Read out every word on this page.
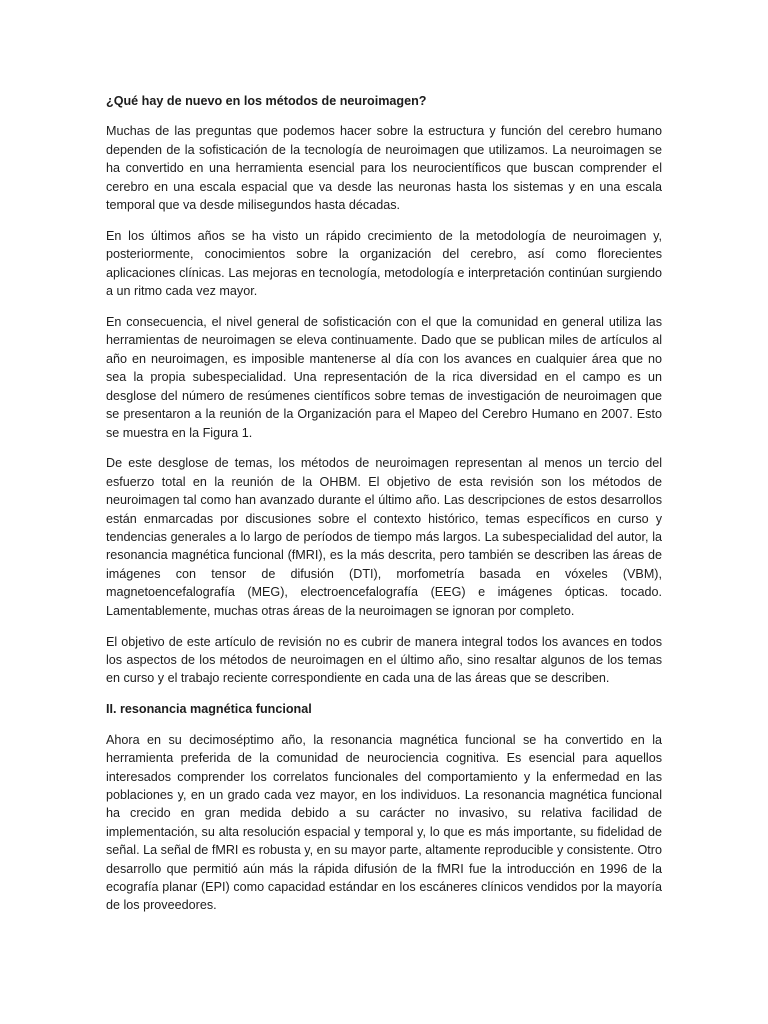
¿Qué hay de nuevo en los métodos de neuroimagen?

Muchas de las preguntas que podemos hacer sobre la estructura y función del cerebro humano dependen de la sofisticación de la tecnología de neuroimagen que utilizamos. La neuroimagen se ha convertido en una herramienta esencial para los neurocientíficos que buscan comprender el cerebro en una escala espacial que va desde las neuronas hasta los sistemas y en una escala temporal que va desde milisegundos hasta décadas.

En los últimos años se ha visto un rápido crecimiento de la metodología de neuroimagen y, posteriormente, conocimientos sobre la organización del cerebro, así como florecientes aplicaciones clínicas. Las mejoras en tecnología, metodología e interpretación continúan surgiendo a un ritmo cada vez mayor.

En consecuencia, el nivel general de sofisticación con el que la comunidad en general utiliza las herramientas de neuroimagen se eleva continuamente. Dado que se publican miles de artículos al año en neuroimagen, es imposible mantenerse al día con los avances en cualquier área que no sea la propia subespecialidad. Una representación de la rica diversidad en el campo es un desglose del número de resúmenes científicos sobre temas de investigación de neuroimagen que se presentaron a la reunión de la Organización para el Mapeo del Cerebro Humano en 2007. Esto se muestra en la Figura 1.

De este desglose de temas, los métodos de neuroimagen representan al menos un tercio del esfuerzo total en la reunión de la OHBM. El objetivo de esta revisión son los métodos de neuroimagen tal como han avanzado durante el último año. Las descripciones de estos desarrollos están enmarcadas por discusiones sobre el contexto histórico, temas específicos en curso y tendencias generales a lo largo de períodos de tiempo más largos. La subespecialidad del autor, la resonancia magnética funcional (fMRI), es la más descrita, pero también se describen las áreas de imágenes con tensor de difusión (DTI), morfometría basada en vóxeles (VBM), magnetoencefalografía (MEG), electroencefalografía (EEG) e imágenes ópticas. tocado. Lamentablemente, muchas otras áreas de la neuroimagen se ignoran por completo.

El objetivo de este artículo de revisión no es cubrir de manera integral todos los avances en todos los aspectos de los métodos de neuroimagen en el último año, sino resaltar algunos de los temas en curso y el trabajo reciente correspondiente en cada una de las áreas que se describen.

II. resonancia magnética funcional

Ahora en su decimoséptimo año, la resonancia magnética funcional se ha convertido en la herramienta preferida de la comunidad de neurociencia cognitiva. Es esencial para aquellos interesados comprender los correlatos funcionales del comportamiento y la enfermedad en las poblaciones y, en un grado cada vez mayor, en los individuos. La resonancia magnética funcional ha crecido en gran medida debido a su carácter no invasivo, su relativa facilidad de implementación, su alta resolución espacial y temporal y, lo que es más importante, su fidelidad de señal. La señal de fMRI es robusta y, en su mayor parte, altamente reproducible y consistente. Otro desarrollo que permitió aún más la rápida difusión de la fMRI fue la introducción en 1996 de la ecografía planar (EPI) como capacidad estándar en los escáneres clínicos vendidos por la mayoría de los proveedores.
